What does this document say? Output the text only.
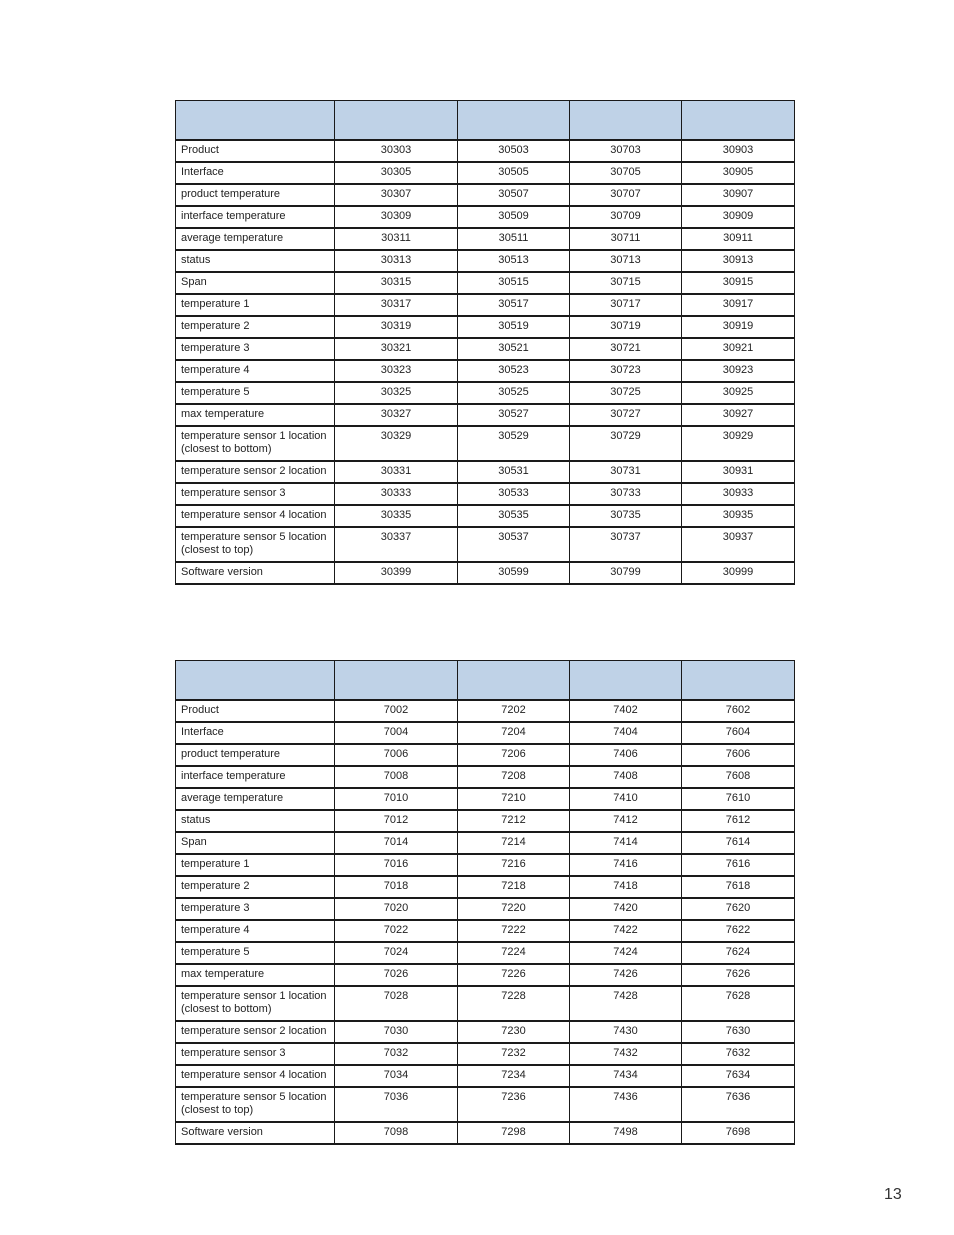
Product	30303	30503	30703	30903
Interface	30305	30505	30705	30905
product temperature	30307	30507	30707	30907
interface temperature	30309	30509	30709	30909
average temperature	30311	30511	30711	30911
status	30313	30513	30713	30913
Span	30315	30515	30715	30915
temperature 1	30317	30517	30717	30917
temperature 2	30319	30519	30719	30919
temperature 3	30321	30521	30721	30921
temperature 4	30323	30523	30723	30923
temperature 5	30325	30525	30725	30925
max temperature	30327	30527	30727	30927
temperature sensor 1 location (closest to bottom)	30329	30529	30729	30929
temperature sensor 2 location	30331	30531	30731	30931
temperature sensor 3	30333	30533	30733	30933
temperature sensor 4 location	30335	30535	30735	30935
temperature sensor 5 location (closest to top)	30337	30537	30737	30937
Software version	30399	30599	30799	30999

Product	7002	7202	7402	7602
Interface	7004	7204	7404	7604
product temperature	7006	7206	7406	7606
interface temperature	7008	7208	7408	7608
average temperature	7010	7210	7410	7610
status	7012	7212	7412	7612
Span	7014	7214	7414	7614
temperature 1	7016	7216	7416	7616
temperature 2	7018	7218	7418	7618
temperature 3	7020	7220	7420	7620
temperature 4	7022	7222	7422	7622
temperature 5	7024	7224	7424	7624
max temperature	7026	7226	7426	7626
temperature sensor 1 location (closest to bottom)	7028	7228	7428	7628
temperature sensor 2 location	7030	7230	7430	7630
temperature sensor 3	7032	7232	7432	7632
temperature sensor 4 location	7034	7234	7434	7634
temperature sensor 5 location (closest to top)	7036	7236	7436	7636
Software version	7098	7298	7498	7698
13
